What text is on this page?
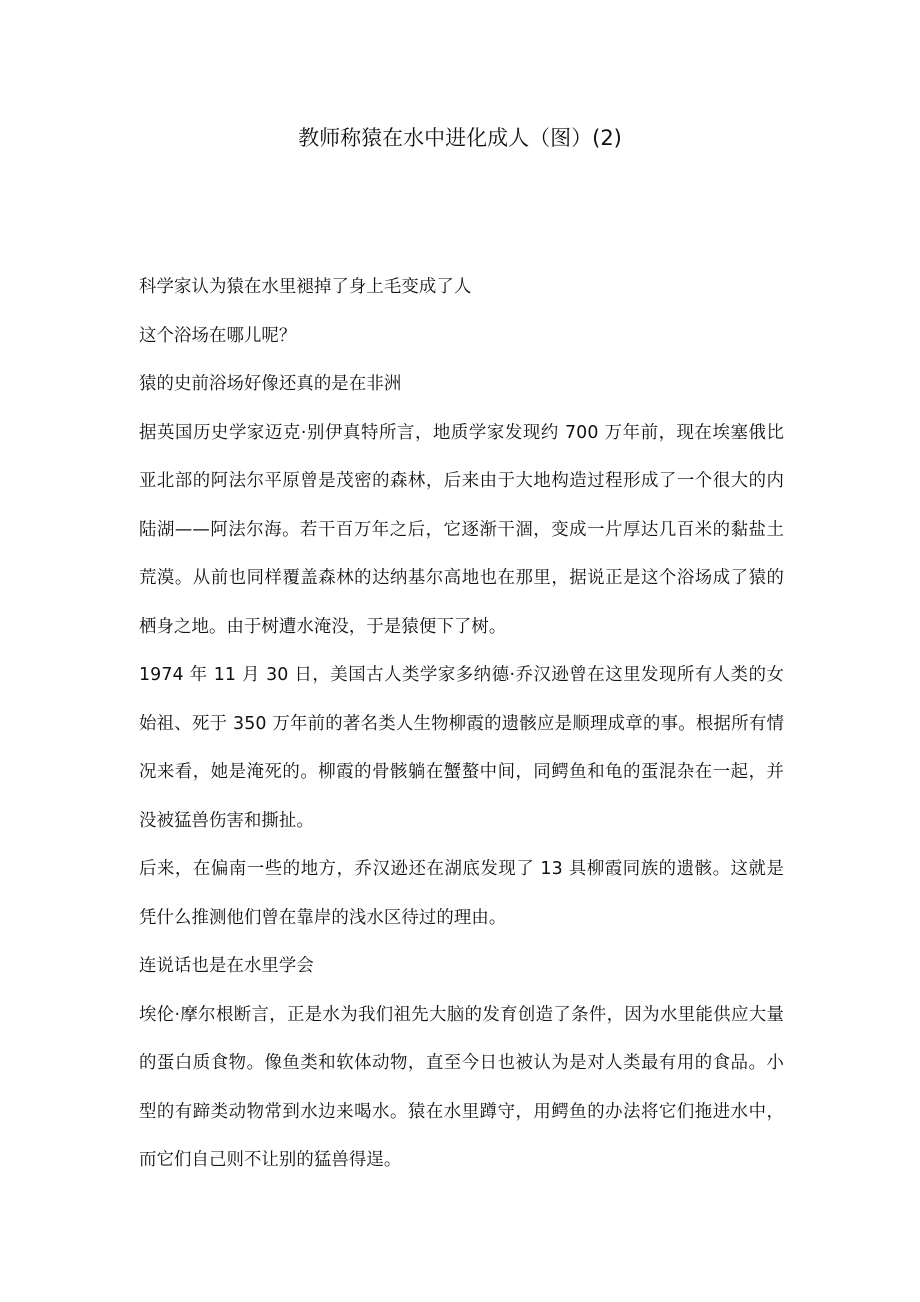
教师称猿在水中进化成人（图）(2)

科学家认为猿在水里褪掉了身上毛变成了人

这个浴场在哪儿呢？

猿的史前浴场好像还真的是在非洲

据英国历史学家迈克·别伊真特所言，地质学家发现约 700 万年前，现在埃塞俄比亚北部的阿法尔平原曾是茂密的森林，后来由于大地构造过程形成了一个很大的内陆湖——阿法尔海。若干百万年之后，它逐渐干涸，变成一片厚达几百米的黏盐土荒漠。从前也同样覆盖森林的达纳基尔高地也在那里，据说正是这个浴场成了猿的栖身之地。由于树遭水淹没，于是猿便下了树。

1974 年 11 月 30 日，美国古人类学家多纳德·乔汉逊曾在这里发现所有人类的女始祖、死于 350 万年前的著名类人生物柳霞的遗骸应是顺理成章的事。根据所有情况来看，她是淹死的。柳霞的骨骸躺在蟹螯中间，同鳄鱼和龟的蛋混杂在一起，并没被猛兽伤害和撕扯。

后来，在偏南一些的地方，乔汉逊还在湖底发现了 13 具柳霞同族的遗骸。这就是凭什么推测他们曾在靠岸的浅水区待过的理由。

连说话也是在水里学会

埃伦·摩尔根断言，正是水为我们祖先大脑的发育创造了条件，因为水里能供应大量的蛋白质食物。像鱼类和软体动物，直至今日也被认为是对人类最有用的食品。小型的有蹄类动物常到水边来喝水。猿在水里蹲守，用鳄鱼的办法将它们拖进水中，而它们自己则不让别的猛兽得逞。
